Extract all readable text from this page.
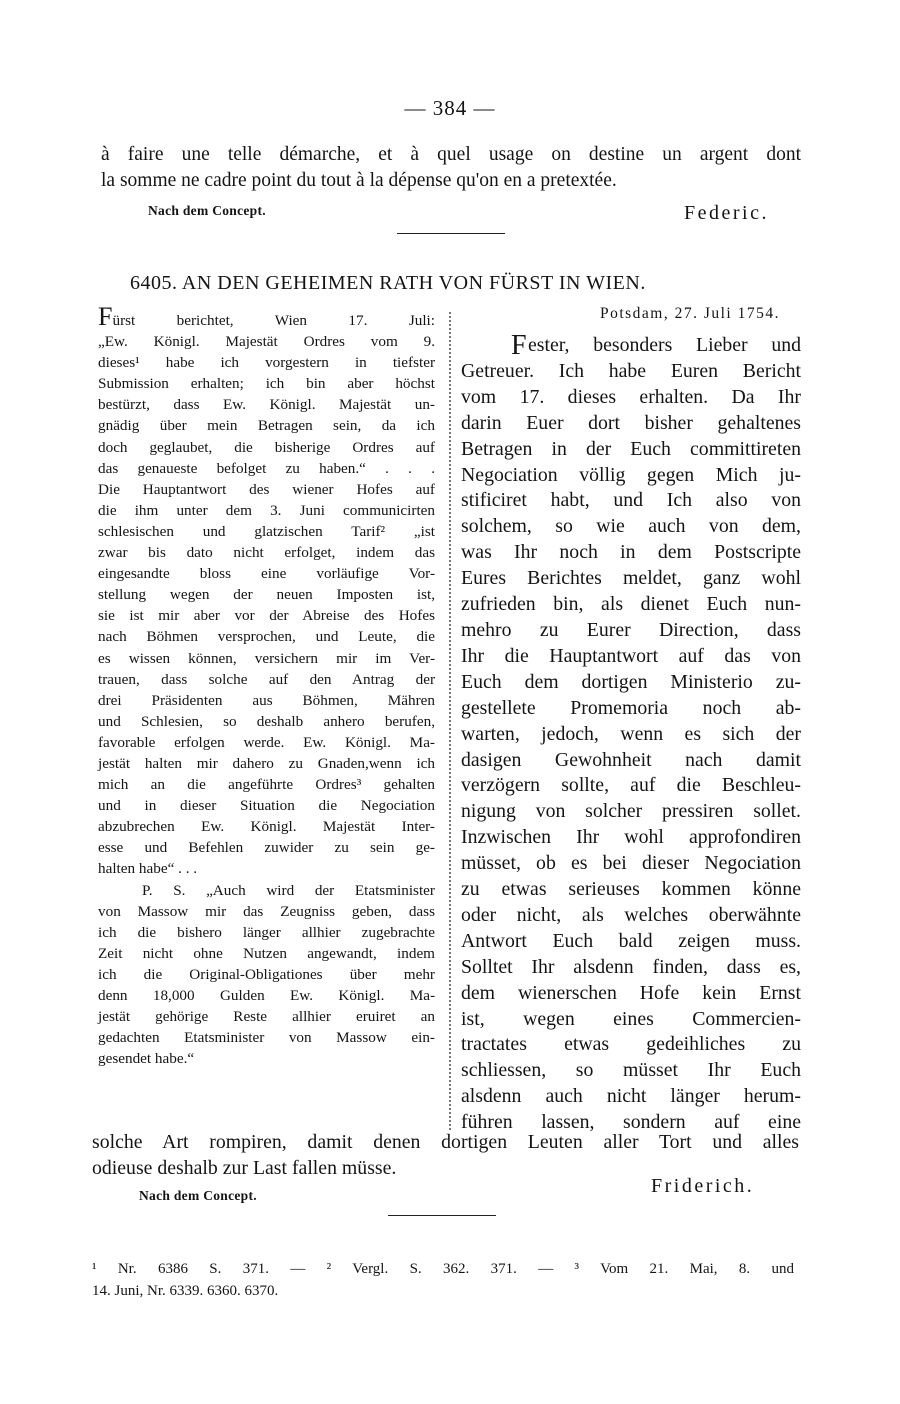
— 384 —
à faire une telle démarche, et à quel usage on destine un argent dont
la somme ne cadre point du tout à la dépense qu'on en a pretextée.
Nach dem Concept.	Federic.
6405. AN DEN GEHEIMEN RATH VON FÜRST IN WIEN.
Fürst berichtet, Wien 17. Juli:
„Ew. Königl. Majestät Ordres vom 9.
dieses¹ habe ich vorgestern in tiefster
Submission erhalten; ich bin aber höchst
bestürzt, dass Ew. Königl. Majestät un-
gnädig über mein Betragen sein, da ich
doch geglaubet, die bisherige Ordres auf
das genaueste befolget zu haben.“ . . .
Die Hauptantwort des wiener Hofes auf
die ihm unter dem 3. Juni communicirten
schlesischen und glatzischen Tarif² „ist
zwar bis dato nicht erfolget, indem das
eingesandte bloss eine vorläufige Vor-
stellung wegen der neuen Imposten ist,
sie ist mir aber vor der Abreise des Hofes
nach Böhmen versprochen, und Leute, die
es wissen können, versichern mir im Ver-
trauen, dass solche auf den Antrag der
drei Präsidenten aus Böhmen, Mähren
und Schlesien, so deshalb anhero berufen,
favorable erfolgen werde. Ew. Königl. Ma-
jestät halten mir dahero zu Gnaden,wenn ich
mich an die angeführte Ordres³ gehalten
und in dieser Situation die Negociation
abzubrechen Ew. Königl. Majestät Inter-
esse und Befehlen zuwider zu sein ge-
halten habe“ . . .
P. S. „Auch wird der Etatsminister
von Massow mir das Zeugniss geben, dass
ich die bishero länger allhier zugebrachte
Zeit nicht ohne Nutzen angewandt, indem
ich die Original-Obligationes über mehr
denn 18,000 Gulden Ew. Königl. Ma-
jestät gehörige Reste allhier eruiret an
gedachten Etatsminister von Massow ein-
gesendet habe.“
Potsdam, 27. Juli 1754.
F ester, besonders Lieber und
Getreuer. Ich habe Euren Bericht
vom 17. dieses erhalten. Da Ihr
darin Euer dort bisher gehaltenes
Betragen in der Euch committireten
Negociation völlig gegen Mich ju-
stificiret habt, und Ich also von
solchem, so wie auch von dem,
was Ihr noch in dem Postscripte
Eures Berichtes meldet, ganz wohl
zufrieden bin, als dienet Euch nun-
mehro zu Eurer Direction, dass
Ihr die Hauptantwort auf das von
Euch dem dortigen Ministerio zu-
gestellete Promemoria noch ab-
warten, jedoch, wenn es sich der
dasigen Gewohnheit nach damit
verzögern sollte, auf die Beschleu-
nigung von solcher pressiren sollet.
Inzwischen Ihr wohl approfondiren
müsset, ob es bei dieser Negociation
zu etwas serieuses kommen könne
oder nicht, als welches oberwähnte
Antwort Euch bald zeigen muss.
Solltet Ihr alsdenn finden, dass es,
dem wienerschen Hofe kein Ernst
ist, wegen eines Commercien-
tractates etwas gedeihliches zu
schliessen, so müsset Ihr Euch
alsdenn auch nicht länger herum-
führen lassen, sondern auf eine
solche Art rompiren, damit denen dortigen Leuten aller Tort und alles
odieuse deshalb zur Last fallen müsse.
Nach dem Concept.	Friderich.
¹ Nr. 6386 S. 371. — ² Vergl. S. 362. 371. — ³ Vom 21. Mai, 8. und
14. Juni, Nr. 6339. 6360. 6370.
